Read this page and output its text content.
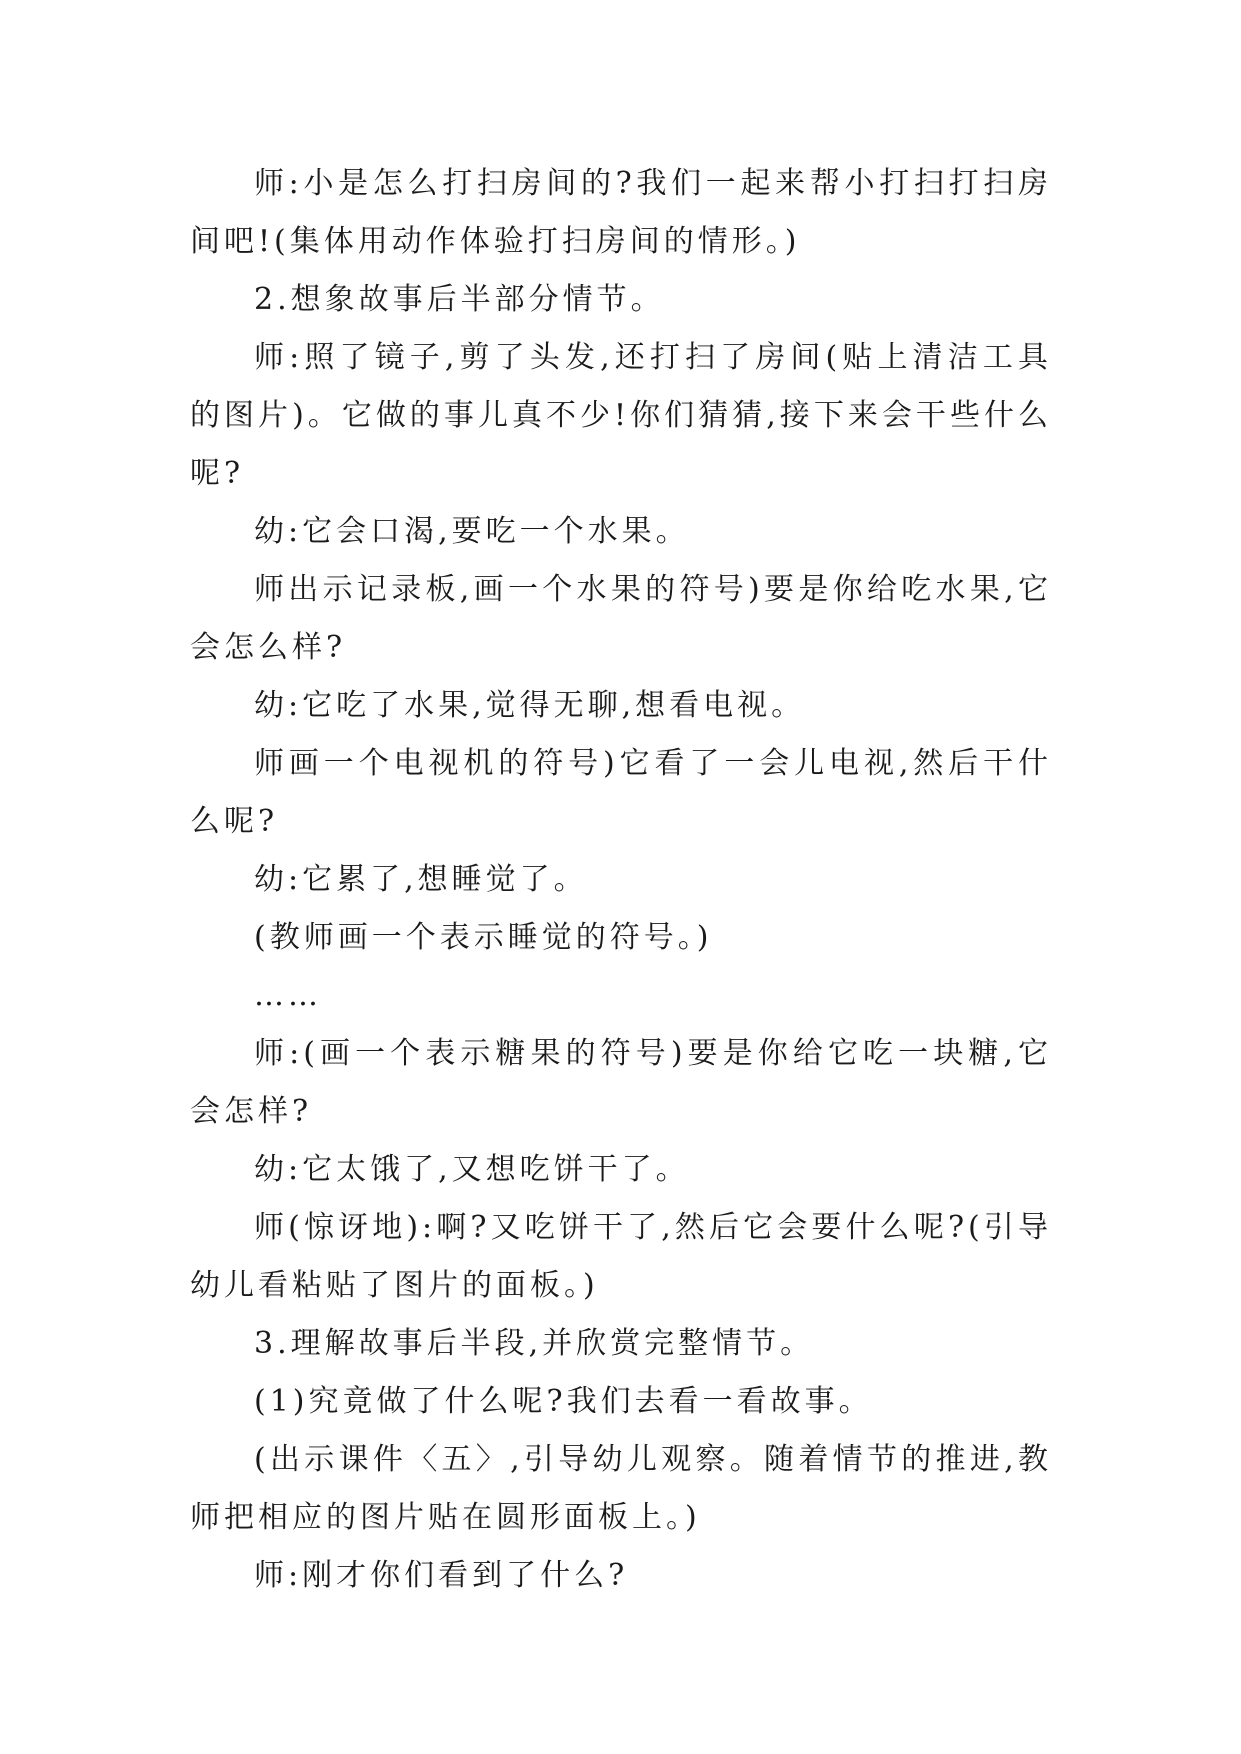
师:小是怎么打扫房间的?我们一起来帮小打扫打扫房间吧!(集体用动作体验打扫房间的情形。)

2.想象故事后半部分情节。

师:照了镜子,剪了头发,还打扫了房间(贴上清洁工具的图片)。它做的事儿真不少!你们猜猜,接下来会干些什么呢?

幼:它会口渴,要吃一个水果。

师出示记录板,画一个水果的符号)要是你给吃水果,它会怎么样?

幼:它吃了水果,觉得无聊,想看电视。

师画一个电视机的符号)它看了一会儿电视,然后干什么呢?

幼:它累了,想睡觉了。

(教师画一个表示睡觉的符号。)

……

师:(画一个表示糖果的符号)要是你给它吃一块糖,它会怎样?

幼:它太饿了,又想吃饼干了。

师(惊讶地):啊?又吃饼干了,然后它会要什么呢?(引导幼儿看粘贴了图片的面板。)

3.理解故事后半段,并欣赏完整情节。

(1)究竟做了什么呢?我们去看一看故事。

(出示课件〈五〉,引导幼儿观察。随着情节的推进,教师把相应的图片贴在圆形面板上。)

师:刚才你们看到了什么?
